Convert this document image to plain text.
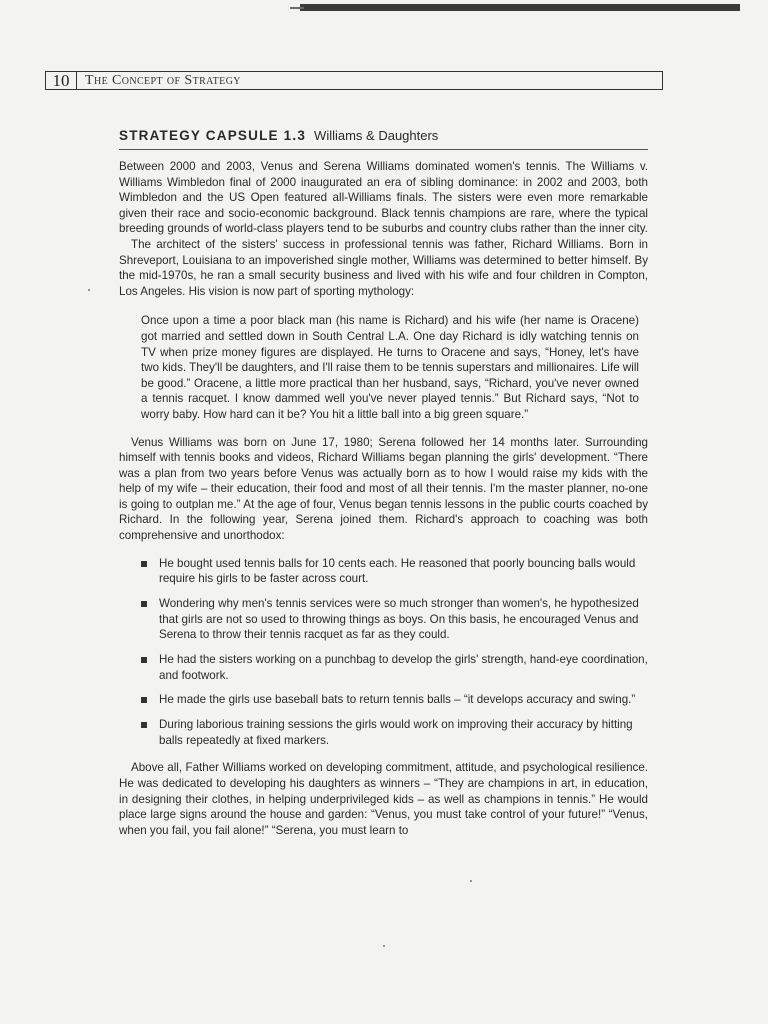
10	The Concept of Strategy
STRATEGY CAPSULE 1.3 Williams & Daughters

Between 2000 and 2003, Venus and Serena Williams dominated women's tennis. The Williams v. Williams Wimbledon final of 2000 inaugurated an era of sibling dominance: in 2002 and 2003, both Wimbledon and the US Open featured all-Williams finals. The sisters were even more remarkable given their race and socio-economic background. Black tennis champions are rare, where the typical breeding grounds of world-class players tend to be suburbs and country clubs rather than the inner city.

The architect of the sisters' success in professional tennis was father, Richard Williams. Born in Shreveport, Louisiana to an impoverished single mother, Williams was determined to better himself. By the mid-1970s, he ran a small security business and lived with his wife and four children in Compton, Los Angeles. His vision is now part of sporting mythology:

Once upon a time a poor black man (his name is Richard) and his wife (her name is Oracene) got married and settled down in South Central L.A. One day Richard is idly watching tennis on TV when prize money figures are displayed. He turns to Oracene and says, “Honey, let's have two kids. They'll be daughters, and I'll raise them to be tennis superstars and millionaires. Life will be good.” Oracene, a little more practical than her husband, says, “Richard, you've never owned a tennis racquet. I know dammed well you've never played tennis.” But Richard says, “Not to worry baby. How hard can it be? You hit a little ball into a big green square.”

Venus Williams was born on June 17, 1980; Serena followed her 14 months later. Surrounding himself with tennis books and videos, Richard Williams began planning the girls' development. “There was a plan from two years before Venus was actually born as to how I would raise my kids with the help of my wife – their education, their food and most of all their tennis. I'm the master planner, no-one is going to outplan me.” At the age of four, Venus began tennis lessons in the public courts coached by Richard. In the following year, Serena joined them. Richard's approach to coaching was both comprehensive and unorthodox:

He bought used tennis balls for 10 cents each. He reasoned that poorly bouncing balls would require his girls to be faster across court.
Wondering why men's tennis services were so much stronger than women's, he hypothesized that girls are not so used to throwing things as boys. On this basis, he encouraged Venus and Serena to throw their tennis racquet as far as they could.
He had the sisters working on a punchbag to develop the girls' strength, hand-eye coordination, and footwork.
He made the girls use baseball bats to return tennis balls – “it develops accuracy and swing.”
During laborious training sessions the girls would work on improving their accuracy by hitting balls repeatedly at fixed markers.

Above all, Father Williams worked on developing commitment, attitude, and psychological resilience. He was dedicated to developing his daughters as winners – “They are champions in art, in education, in designing their clothes, in helping underprivileged kids – as well as champions in tennis.” He would place large signs around the house and garden: “Venus, you must take control of your future!” “Venus, when you fail, you fail alone!” “Serena, you must learn to
